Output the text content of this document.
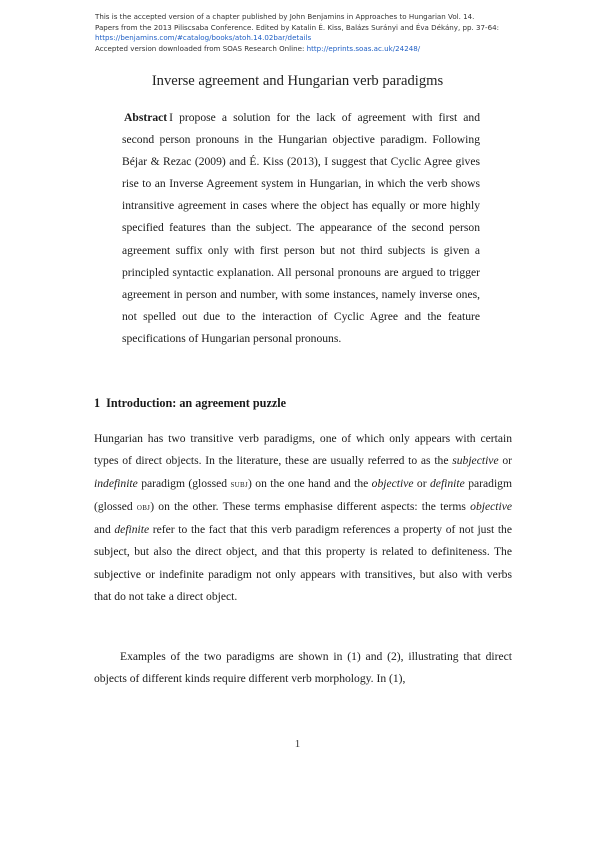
This is the accepted version of a chapter published by John Benjamins in Approaches to Hungarian Vol. 14.
Papers from the 2013 Piliscsaba Conference. Edited by Katalin É. Kiss, Balázs Surányi and Éva Dékány, pp. 37-64:
https://benjamins.com/#catalog/books/atoh.14.02bar/details
Accepted version downloaded from SOAS Research Online: http://eprints.soas.ac.uk/24248/
Inverse agreement and Hungarian verb paradigms

Abstract I propose a solution for the lack of agreement with first and second person pronouns in the Hungarian objective paradigm. Following Béjar & Rezac (2009) and É. Kiss (2013), I suggest that Cyclic Agree gives rise to an Inverse Agreement system in Hungarian, in which the verb shows intransitive agreement in cases where the object has equally or more highly specified features than the subject. The appearance of the second person agreement suffix only with first person but not third subjects is given a principled syntactic explanation. All personal pronouns are argued to trigger agreement in person and number, with some instances, namely inverse ones, not spelled out due to the interaction of Cyclic Agree and the feature specifications of Hungarian personal pronouns.

1 Introduction: an agreement puzzle

Hungarian has two transitive verb paradigms, one of which only appears with certain types of direct objects. In the literature, these are usually referred to as the subjective or indefinite paradigm (glossed subj) on the one hand and the objective or definite paradigm (glossed obj) on the other. These terms emphasise different aspects: the terms objective and definite refer to the fact that this verb paradigm references a property of not just the subject, but also the direct object, and that this property is related to definiteness. The subjective or indefinite paradigm not only appears with transitives, but also with verbs that do not take a direct object.

Examples of the two paradigms are shown in (1) and (2), illustrating that direct objects of different kinds require different verb morphology. In (1),

1
